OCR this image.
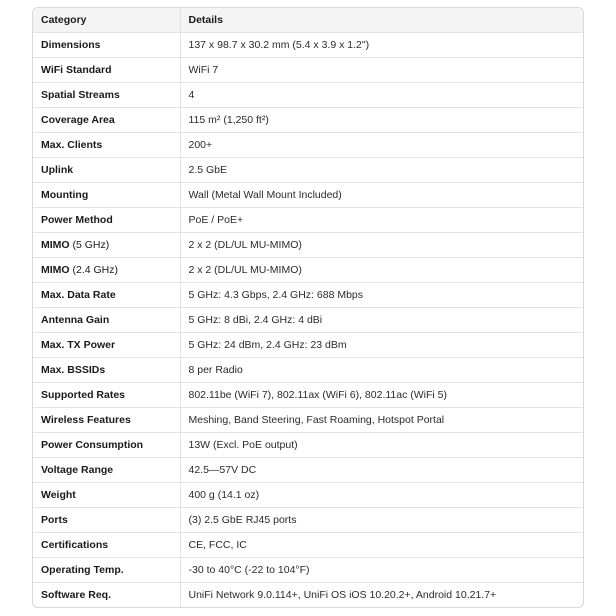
Category	Details
Dimensions	137 x 98.7 x 30.2 mm (5.4 x 3.9 x 1.2")
WiFi Standard	WiFi 7
Spatial Streams	4
Coverage Area	115 m² (1,250 ft²)
Max. Clients	200+
Uplink	2.5 GbE
Mounting	Wall (Metal Wall Mount Included)
Power Method	PoE / PoE+
MIMO (5 GHz)	2 x 2 (DL/UL MU-MIMO)
MIMO (2.4 GHz)	2 x 2 (DL/UL MU-MIMO)
Max. Data Rate	5 GHz: 4.3 Gbps, 2.4 GHz: 688 Mbps
Antenna Gain	5 GHz: 8 dBi, 2.4 GHz: 4 dBi
Max. TX Power	5 GHz: 24 dBm, 2.4 GHz: 23 dBm
Max. BSSIDs	8 per Radio
Supported Rates	802.11be (WiFi 7), 802.11ax (WiFi 6), 802.11ac (WiFi 5)
Wireless Features	Meshing, Band Steering, Fast Roaming, Hotspot Portal
Power Consumption	13W (Excl. PoE output)
Voltage Range	42.5—57V DC
Weight	400 g (14.1 oz)
Ports	(3) 2.5 GbE RJ45 ports
Certifications	CE, FCC, IC
Operating Temp.	-30 to 40°C (-22 to 104°F)
Software Req.	UniFi Network 9.0.114+, UniFi OS iOS 10.20.2+, Android 10.21.7+
